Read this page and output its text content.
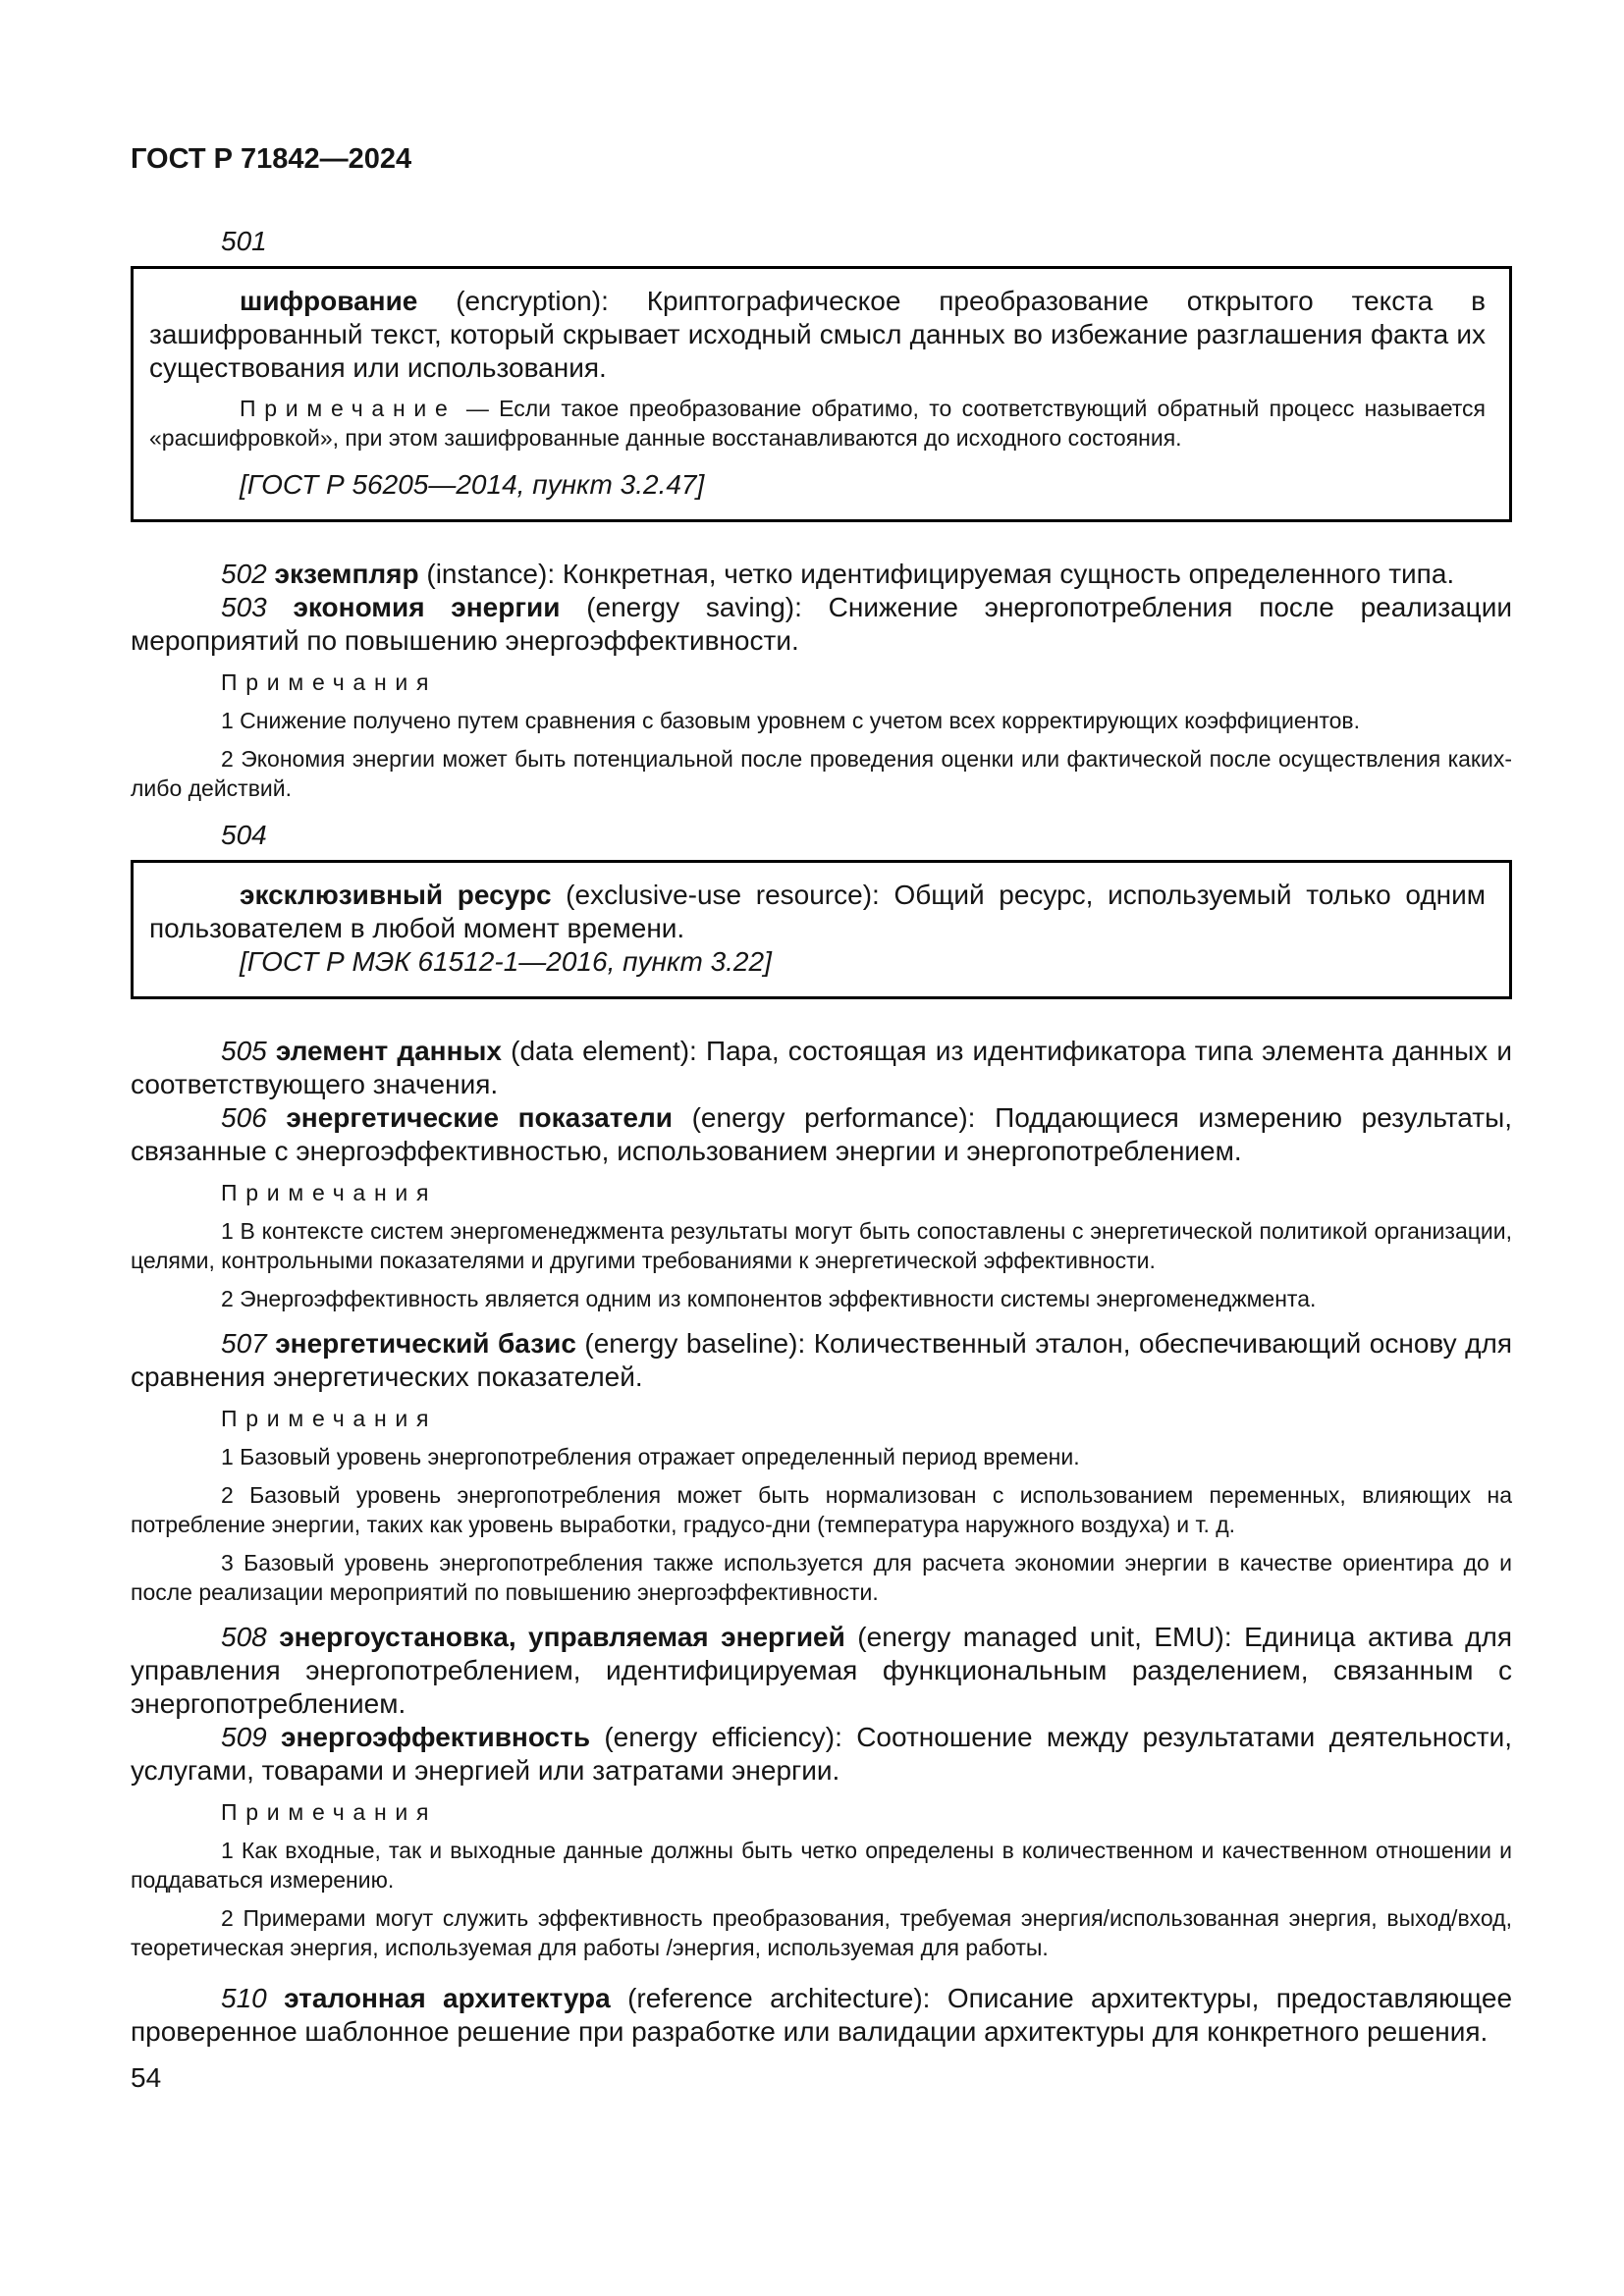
ГОСТ Р 71842—2024
501

шифрование (encryption): Криптографическое преобразование открытого текста в зашифрованный текст, который скрывает исходный смысл данных во избежание разглашения факта их существования или использования.

Примечание — Если такое преобразование обратимо, то соответствующий обратный процесс называется «расшифровкой», при этом зашифрованные данные восстанавливаются до исходного состояния.

[ГОСТ Р 56205—2014, пункт 3.2.47]

502 экземпляр (instance): Конкретная, четко идентифицируемая сущность определенного типа.

503 экономия энергии (energy saving): Снижение энергопотребления после реализации мероприятий по повышению энергоэффективности.

Примечания

1 Снижение получено путем сравнения с базовым уровнем с учетом всех корректирующих коэффициентов.

2 Экономия энергии может быть потенциальной после проведения оценки или фактической после осуществления каких-либо действий.

504

эксклюзивный ресурс (exclusive-use resource): Общий ресурс, используемый только одним пользователем в любой момент времени.

[ГОСТ Р МЭК 61512-1—2016, пункт 3.22]

505 элемент данных (data element): Пара, состоящая из идентификатора типа элемента данных и соответствующего значения.

506 энергетические показатели (energy performance): Поддающиеся измерению результаты, связанные с энергоэффективностью, использованием энергии и энергопотреблением.

Примечания

1 В контексте систем энергоменеджмента результаты могут быть сопоставлены с энергетической политикой организации, целями, контрольными показателями и другими требованиями к энергетической эффективности.

2 Энергоэффективность является одним из компонентов эффективности системы энергоменеджмента.

507 энергетический базис (energy baseline): Количественный эталон, обеспечивающий основу для сравнения энергетических показателей.

Примечания

1 Базовый уровень энергопотребления отражает определенный период времени.

2 Базовый уровень энергопотребления может быть нормализован с использованием переменных, влияющих на потребление энергии, таких как уровень выработки, градусо-дни (температура наружного воздуха) и т. д.

3 Базовый уровень энергопотребления также используется для расчета экономии энергии в качестве ориентира до и после реализации мероприятий по повышению энергоэффективности.

508 энергоустановка, управляемая энергией (energy managed unit, EMU): Единица актива для управления энергопотреблением, идентифицируемая функциональным разделением, связанным с энергопотреблением.

509 энергоэффективность (energy efficiency): Соотношение между результатами деятельности, услугами, товарами и энергией или затратами энергии.

Примечания

1 Как входные, так и выходные данные должны быть четко определены в количественном и качественном отношении и поддаваться измерению.

2 Примерами могут служить эффективность преобразования, требуемая энергия/использованная энергия, выход/вход, теоретическая энергия, используемая для работы /энергия, используемая для работы.

510 эталонная архитектура (reference architecture): Описание архитектуры, предоставляющее проверенное шаблонное решение при разработке или валидации архитектуры для конкретного решения.

54
